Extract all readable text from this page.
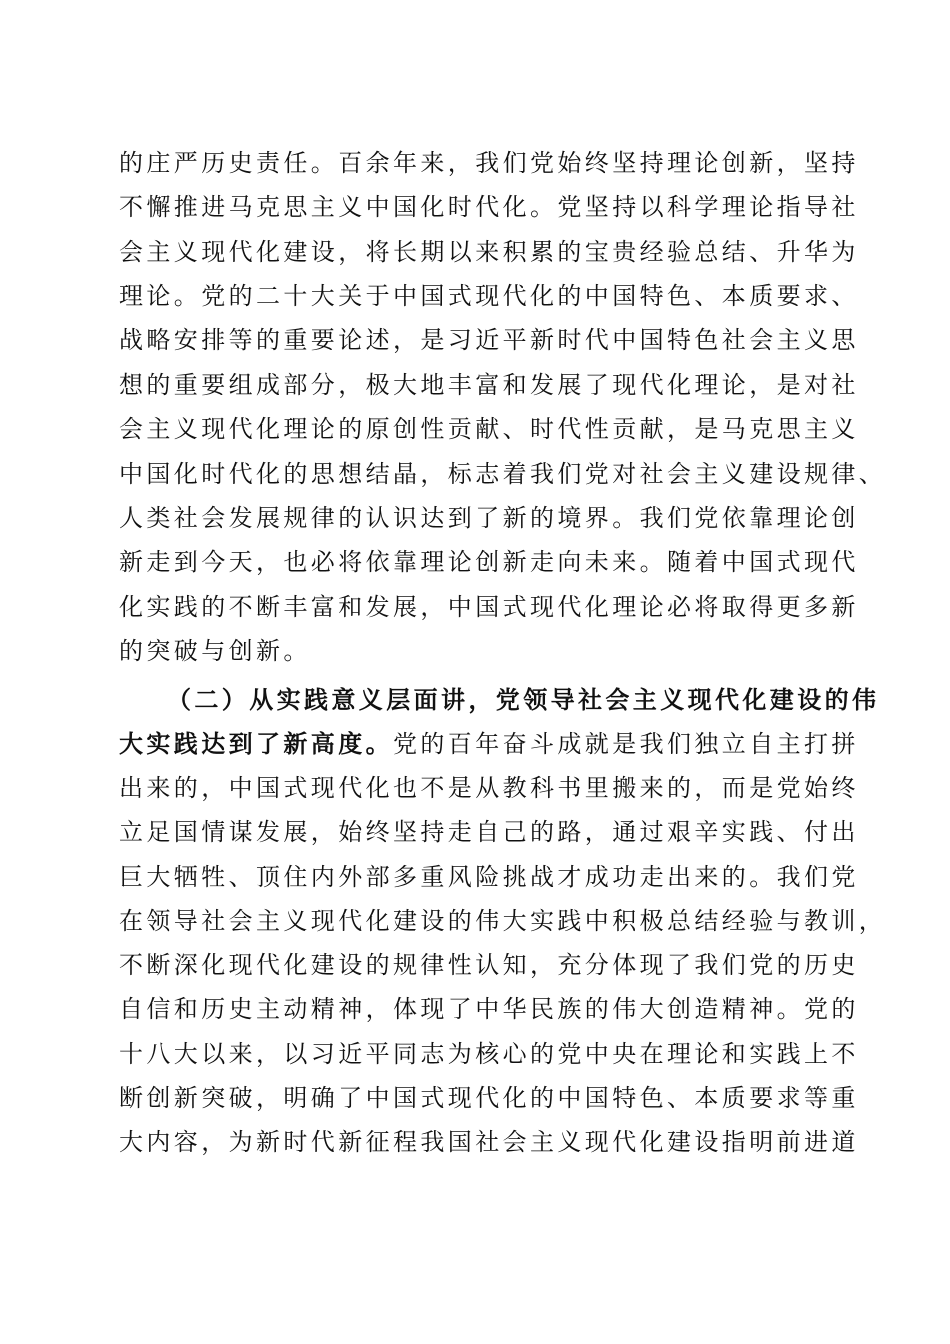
的庄严历史责任。百余年来，我们党始终坚持理论创新，坚持
不懈推进马克思主义中国化时代化。党坚持以科学理论指导社
会主义现代化建设，将长期以来积累的宝贵经验总结、升华为
理论。党的二十大关于中国式现代化的中国特色、本质要求、
战略安排等的重要论述，是习近平新时代中国特色社会主义思
想的重要组成部分，极大地丰富和发展了现代化理论，是对社
会主义现代化理论的原创性贡献、时代性贡献，是马克思主义
中国化时代化的思想结晶，标志着我们党对社会主义建设规律、
人类社会发展规律的认识达到了新的境界。我们党依靠理论创
新走到今天，也必将依靠理论创新走向未来。随着中国式现代
化实践的不断丰富和发展，中国式现代化理论必将取得更多新
的突破与创新。
（二）从实践意义层面讲，党领导社会主义现代化建设的伟
大实践达到了新高度。党的百年奋斗成就是我们独立自主打拼
出来的，中国式现代化也不是从教科书里搬来的，而是党始终
立足国情谋发展，始终坚持走自己的路，通过艰辛实践、付出
巨大牺牲、顶住内外部多重风险挑战才成功走出来的。我们党
在领导社会主义现代化建设的伟大实践中积极总结经验与教训，
不断深化现代化建设的规律性认知，充分体现了我们党的历史
自信和历史主动精神，体现了中华民族的伟大创造精神。党的
十八大以来，以习近平同志为核心的党中央在理论和实践上不
断创新突破，明确了中国式现代化的中国特色、本质要求等重
大内容，为新时代新征程我国社会主义现代化建设指明前进道
